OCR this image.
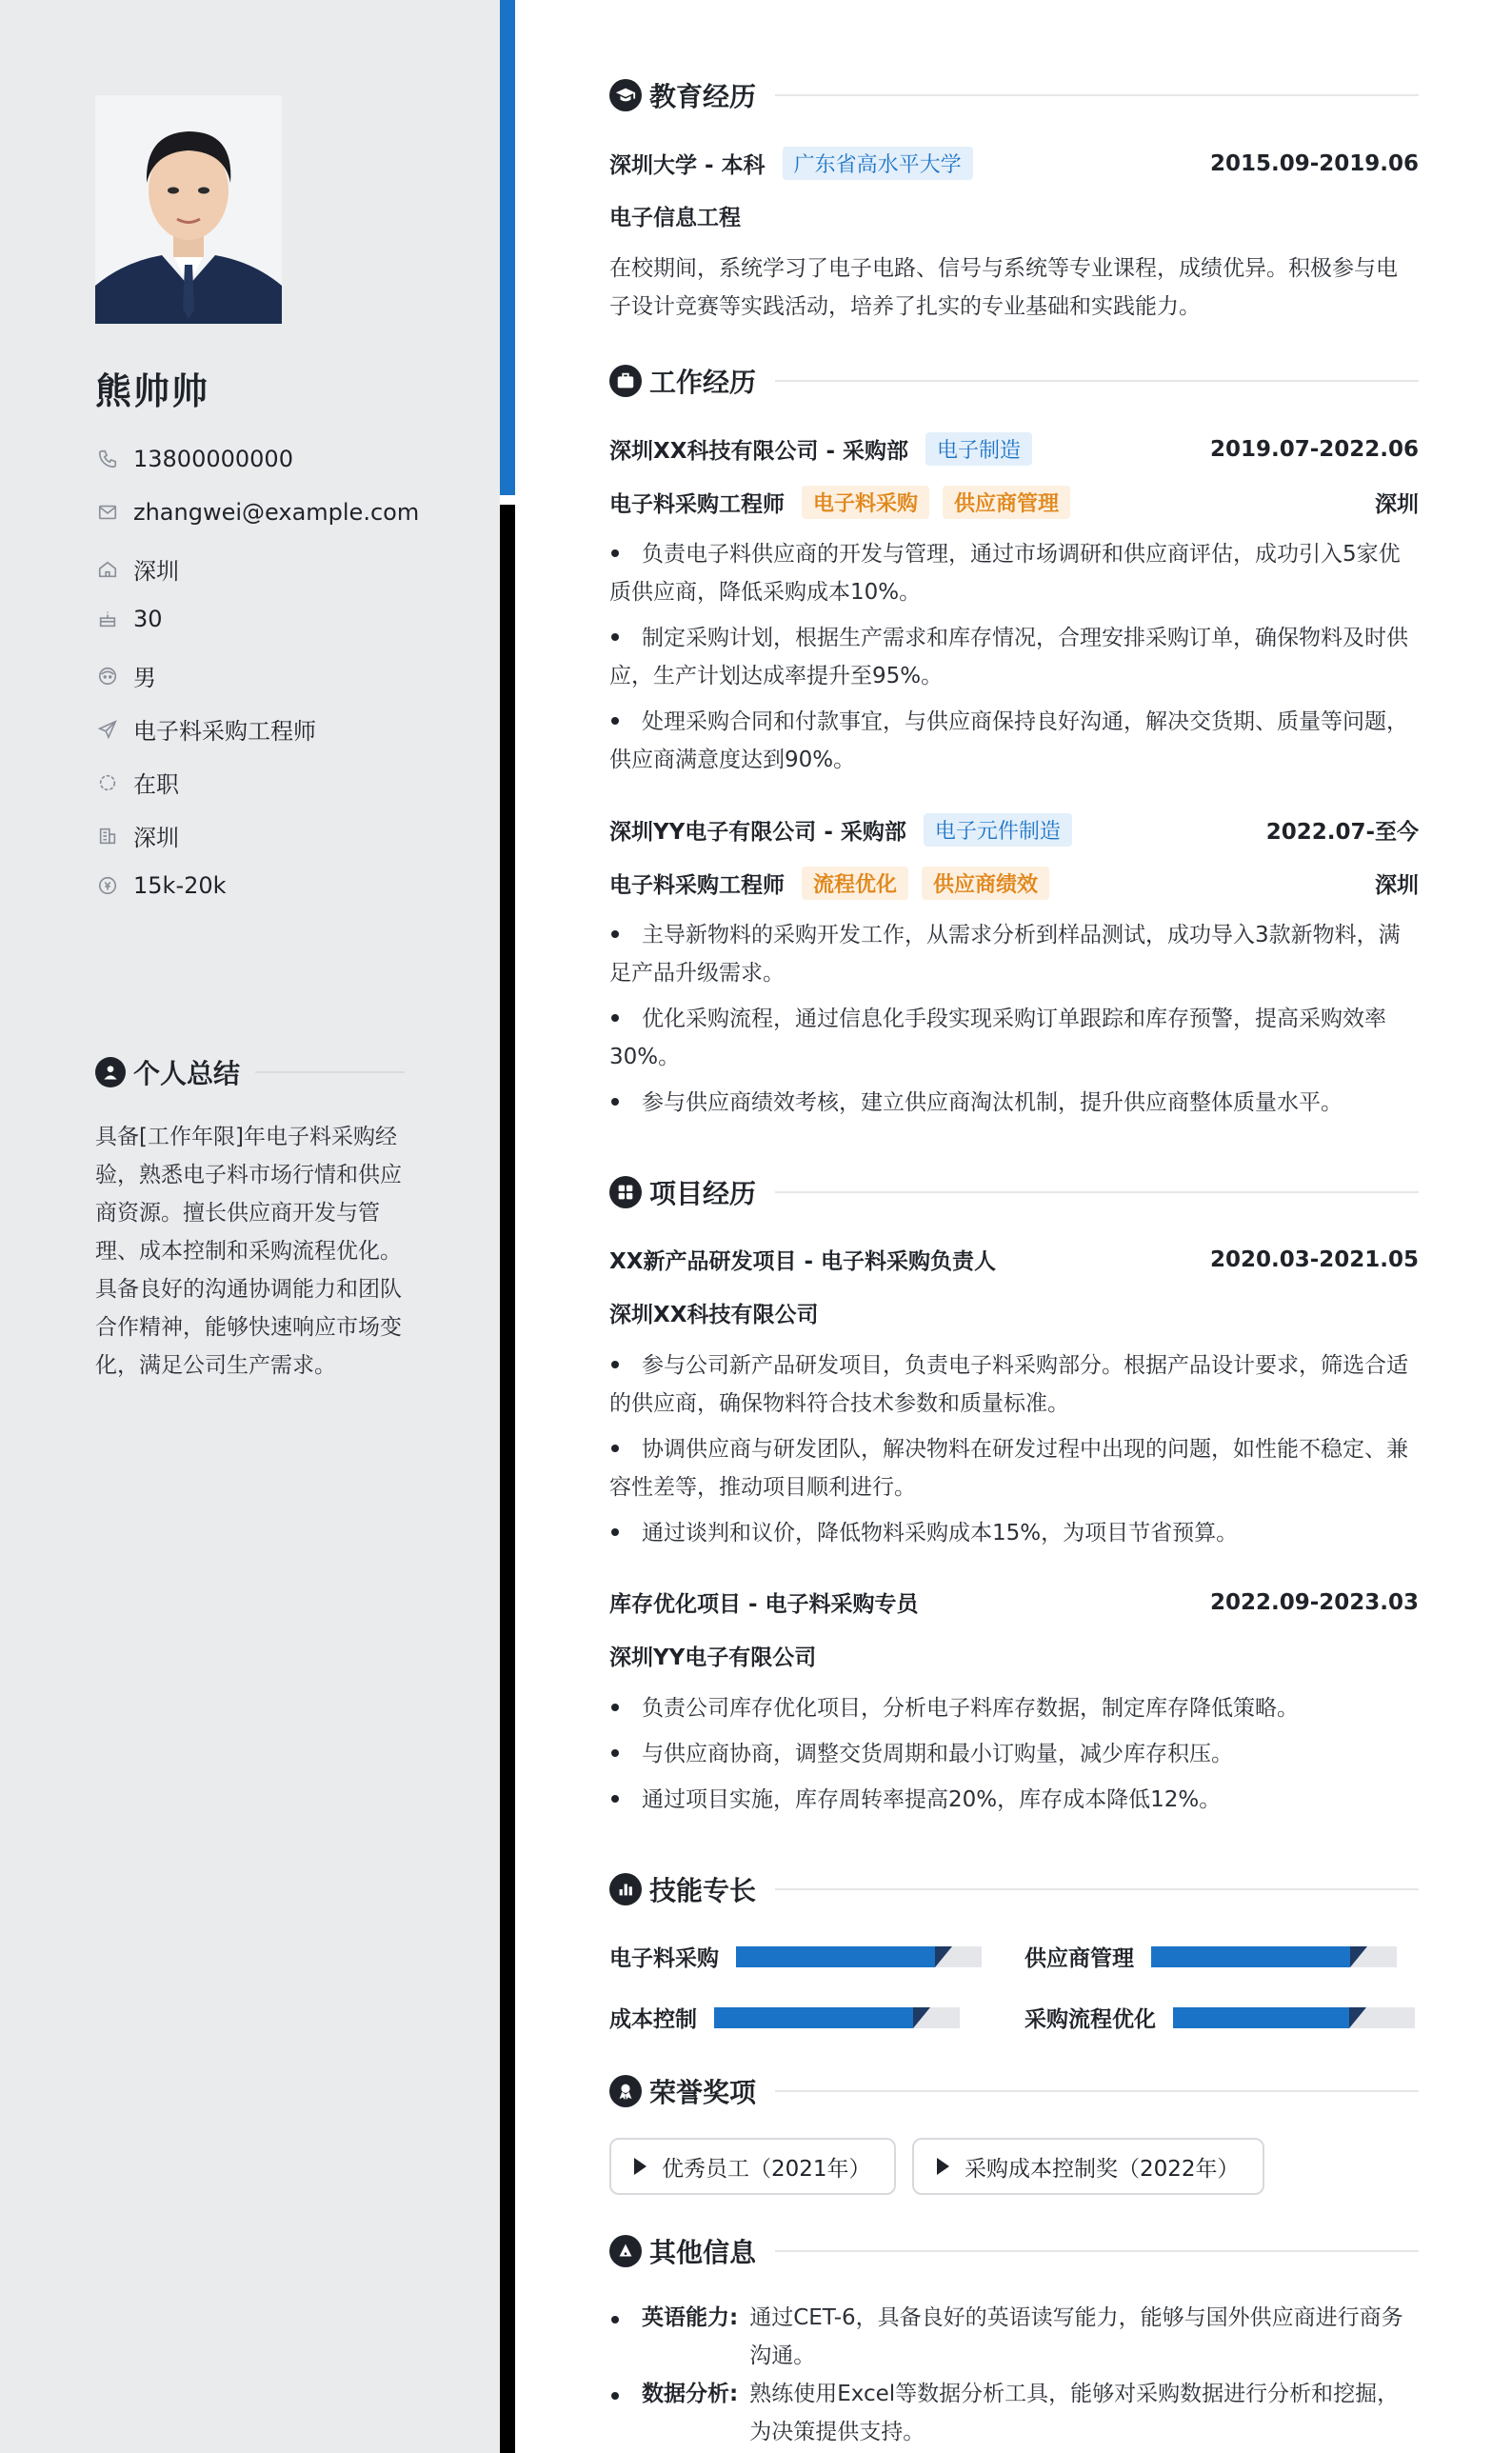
熊帅帅
13800000000
zhangwei@example.com
深圳
30
男
电子料采购工程师
在职
深圳
15k-20k
个人总结
具备[工作年限]年电子料采购经验，熟悉电子料市场行情和供应商资源。擅长供应商开发与管理、成本控制和采购流程优化。具备良好的沟通协调能力和团队合作精神，能够快速响应市场变化，满足公司生产需求。
教育经历
深圳大学 - 本科	广东省高水平大学	2015.09-2019.06
电子信息工程
在校期间，系统学习了电子电路、信号与系统等专业课程，成绩优异。积极参与电子设计竞赛等实践活动，培养了扎实的专业基础和实践能力。
工作经历
深圳XX科技有限公司 - 采购部	电子制造	2019.07-2022.06
电子料采购工程师	电子料采购	供应商管理	深圳
负责电子料供应商的开发与管理，通过市场调研和供应商评估，成功引入5家优质供应商，降低采购成本10%。
制定采购计划，根据生产需求和库存情况，合理安排采购订单，确保物料及时供应，生产计划达成率提升至95%。
处理采购合同和付款事宜，与供应商保持良好沟通，解决交货期、质量等问题，供应商满意度达到90%。
深圳YY电子有限公司 - 采购部	电子元件制造	2022.07-至今
电子料采购工程师	流程优化	供应商绩效	深圳
主导新物料的采购开发工作，从需求分析到样品测试，成功导入3款新物料，满足产品升级需求。
优化采购流程，通过信息化手段实现采购订单跟踪和库存预警，提高采购效率30%。
参与供应商绩效考核，建立供应商淘汰机制，提升供应商整体质量水平。
项目经历
XX新产品研发项目 - 电子料采购负责人	2020.03-2021.05
深圳XX科技有限公司
参与公司新产品研发项目，负责电子料采购部分。根据产品设计要求，筛选合适的供应商，确保物料符合技术参数和质量标准。
协调供应商与研发团队，解决物料在研发过程中出现的问题，如性能不稳定、兼容性差等，推动项目顺利进行。
通过谈判和议价，降低物料采购成本15%，为项目节省预算。
库存优化项目 - 电子料采购专员	2022.09-2023.03
深圳YY电子有限公司
负责公司库存优化项目，分析电子料库存数据，制定库存降低策略。
与供应商协商，调整交货周期和最小订购量，减少库存积压。
通过项目实施，库存周转率提高20%，库存成本降低12%。
技能专长
电子料采购	供应商管理
成本控制	采购流程优化
荣誉奖项
优秀员工（2021年）	采购成本控制奖（2022年）
其他信息
英语能力: 通过CET-6，具备良好的英语读写能力，能够与国外供应商进行商务沟通。
数据分析: 熟练使用Excel等数据分析工具，能够对采购数据进行分析和挖掘，为决策提供支持。
